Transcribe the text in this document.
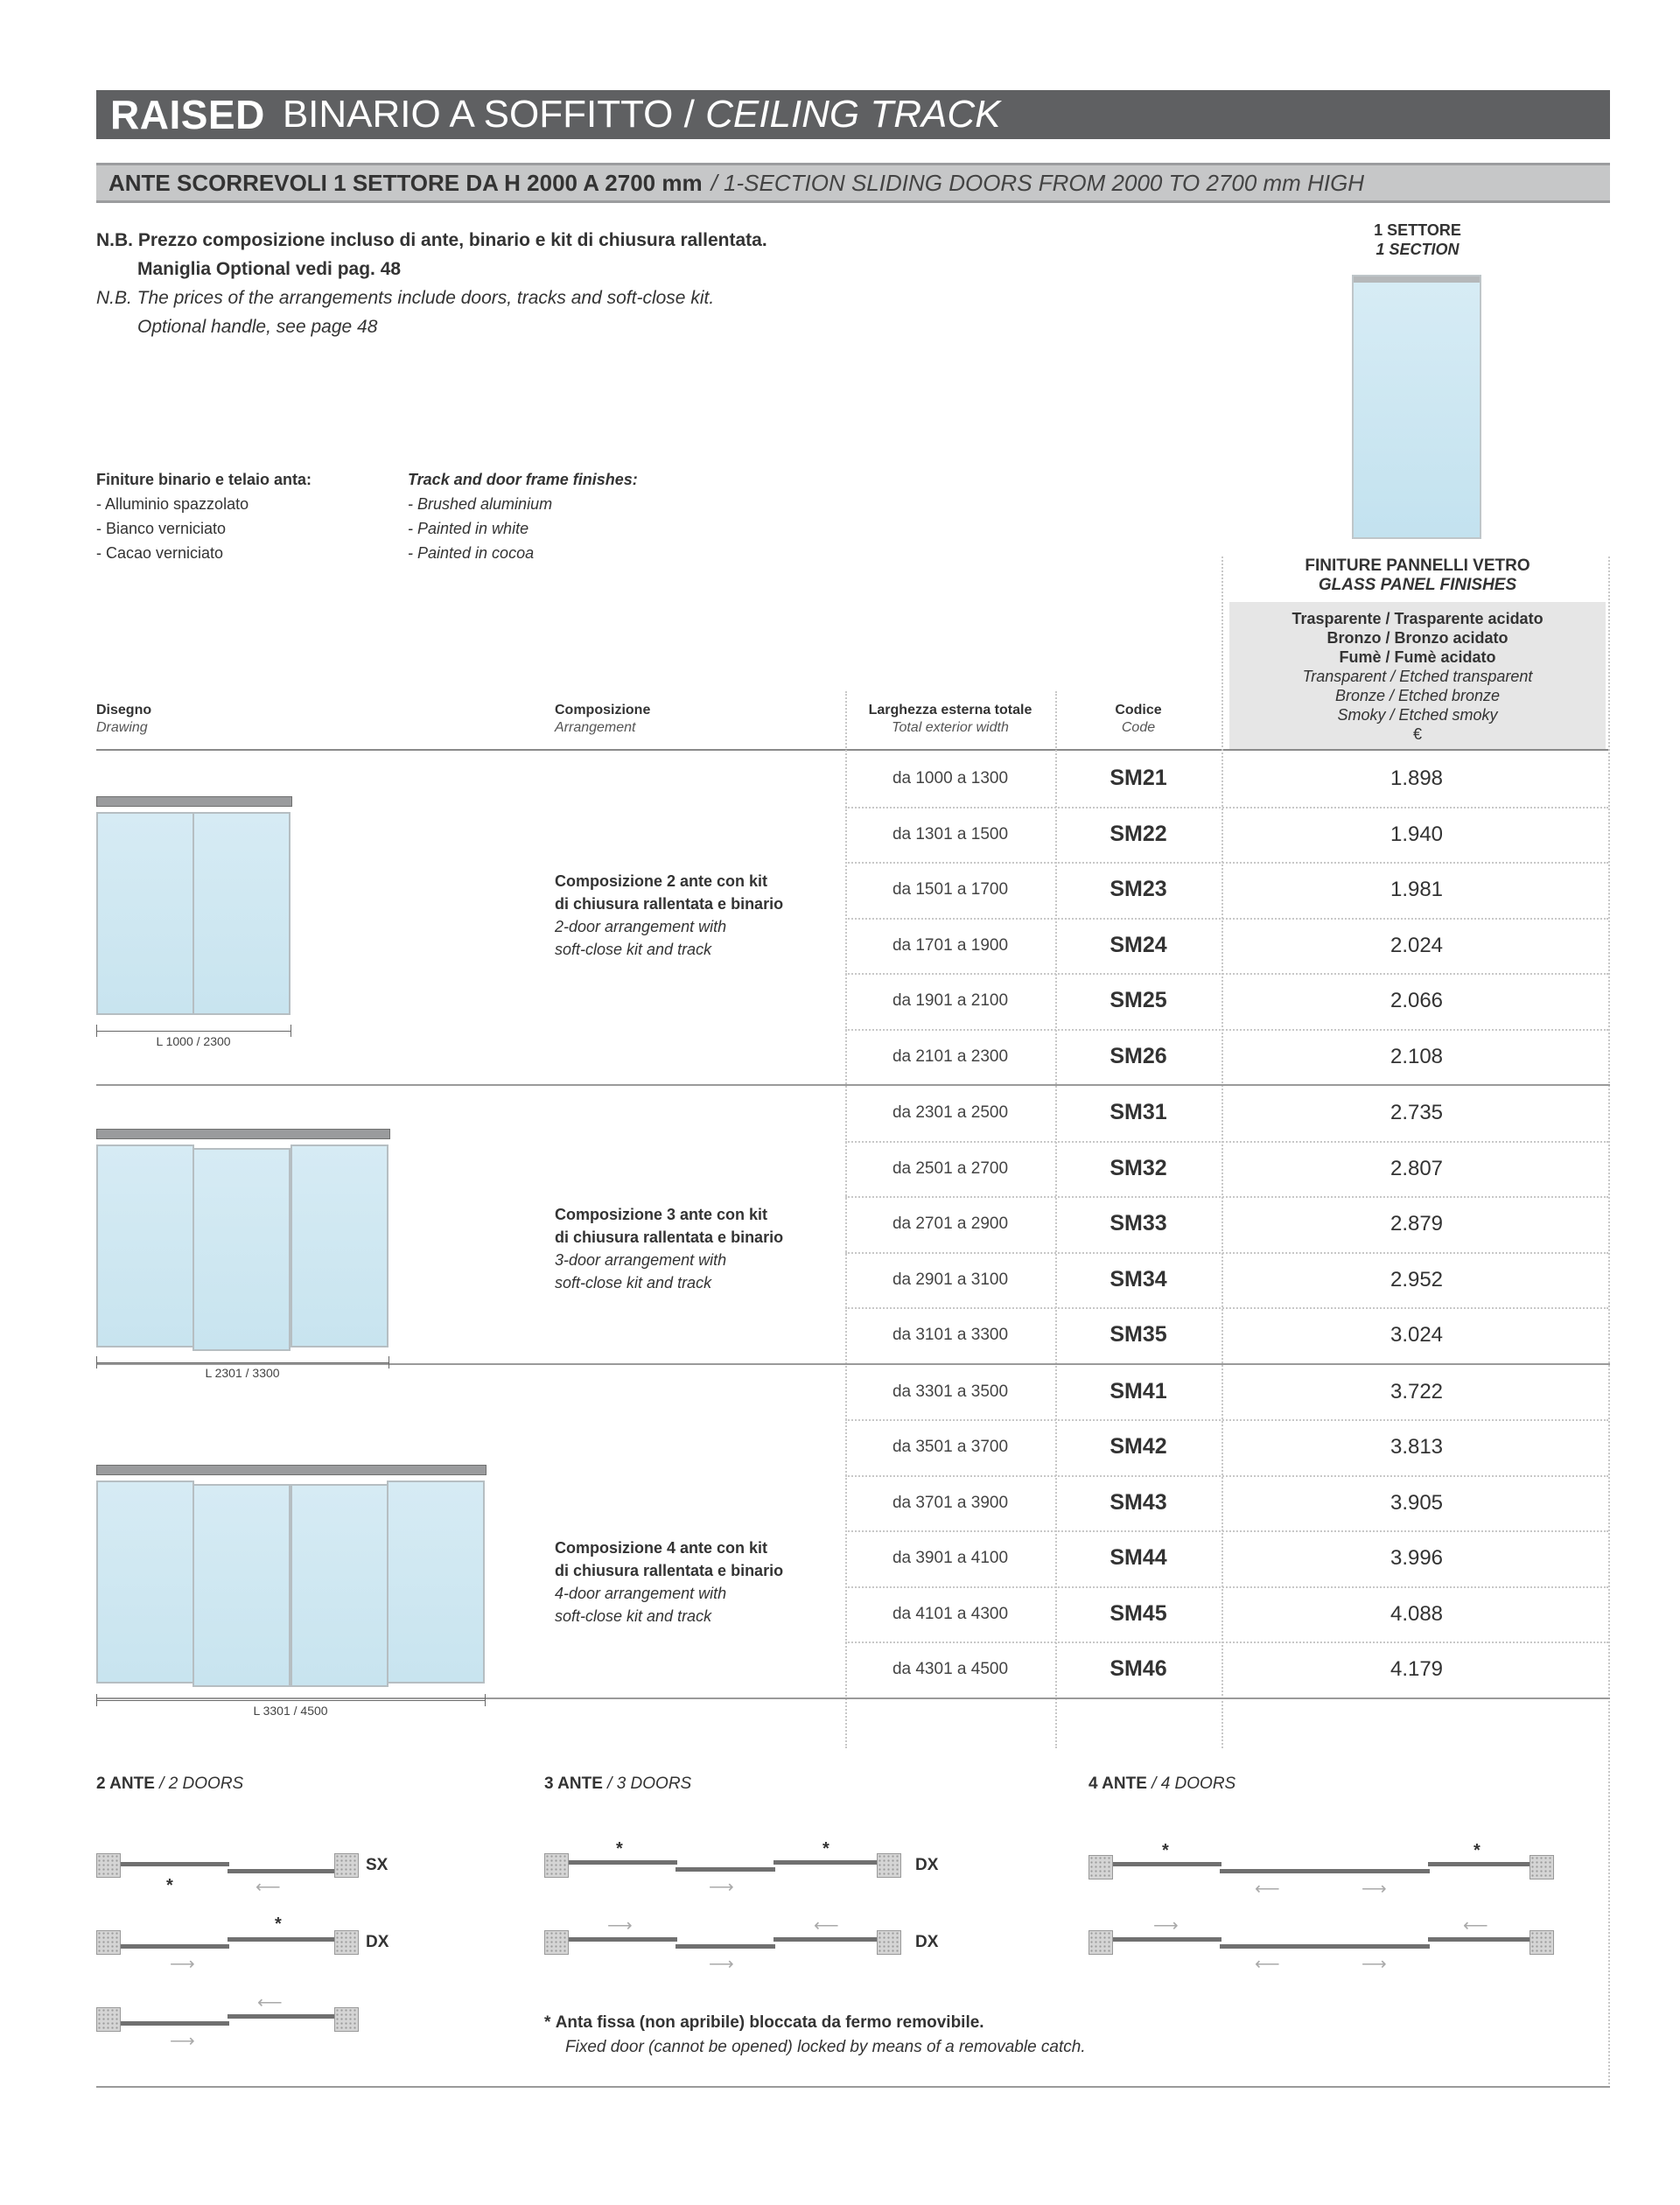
RAISED BINARIO A SOFFITTO / CEILING TRACK
ANTE SCORREVOLI 1 SETTORE DA H 2000 A 2700 mm / 1-SECTION SLIDING DOORS FROM 2000 TO 2700 mm HIGH
N.B. Prezzo composizione incluso di ante, binario e kit di chiusura rallentata.
Maniglia Optional vedi pag. 48
N.B. The prices of the arrangements include doors, tracks and soft-close kit.
Optional handle, see page 48
Finiture binario e telaio anta:
- Alluminio spazzolato
- Bianco verniciato
- Cacao verniciato
Track and door frame finishes:
- Brushed aluminium
- Painted in white
- Painted in cocoa
1 SETTORE
1 SECTION
FINITURE PANNELLI VETRO
GLASS PANEL FINISHES
Trasparente / Trasparente acidato
Bronzo / Bronzo acidato
Fumè / Fumè acidato
Transparent / Etched transparent
Bronze / Etched bronze
Smoky / Etched smoky
€
Disegno
Drawing
Composizione
Arrangement
Larghezza esterna totale
Total exterior width
Codice
Code
da 1000 a 1300	SM21	1.898
da 1301 a 1500	SM22	1.940
da 1501 a 1700	SM23	1.981
da 1701 a 1900	SM24	2.024
da 1901 a 2100	SM25	2.066
da 2101 a 2300	SM26	2.108
da 2301 a 2500	SM31	2.735
da 2501 a 2700	SM32	2.807
da 2701 a 2900	SM33	2.879
da 2901 a 3100	SM34	2.952
da 3101 a 3300	SM35	3.024
da 3301 a 3500	SM41	3.722
da 3501 a 3700	SM42	3.813
da 3701 a 3900	SM43	3.905
da 3901 a 4100	SM44	3.996
da 4101 a 4300	SM45	4.088
da 4301 a 4500	SM46	4.179
Composizione 2 ante con kit
di chiusura rallentata e binario
2-door arrangement with
soft-close kit and track
Composizione 3 ante con kit
di chiusura rallentata e binario
3-door arrangement with
soft-close kit and track
Composizione 4 ante con kit
di chiusura rallentata e binario
4-door arrangement with
soft-close kit and track
L 1000 / 2300
L 2301 / 3300
L 3301 / 4500
2 ANTE / 2 DOORS	3 ANTE / 3 DOORS	4 ANTE / 4 DOORS
*	⟵
SX
*
⟶
DX
⟵
⟶
*	*
⟶
DX
⟶	⟵
⟶
DX
*	*
⟵	⟶
⟶	⟵
⟵	⟶
* Anta fissa (non apribile) bloccata da fermo removibile.
Fixed door (cannot be opened) locked by means of a removable catch.
